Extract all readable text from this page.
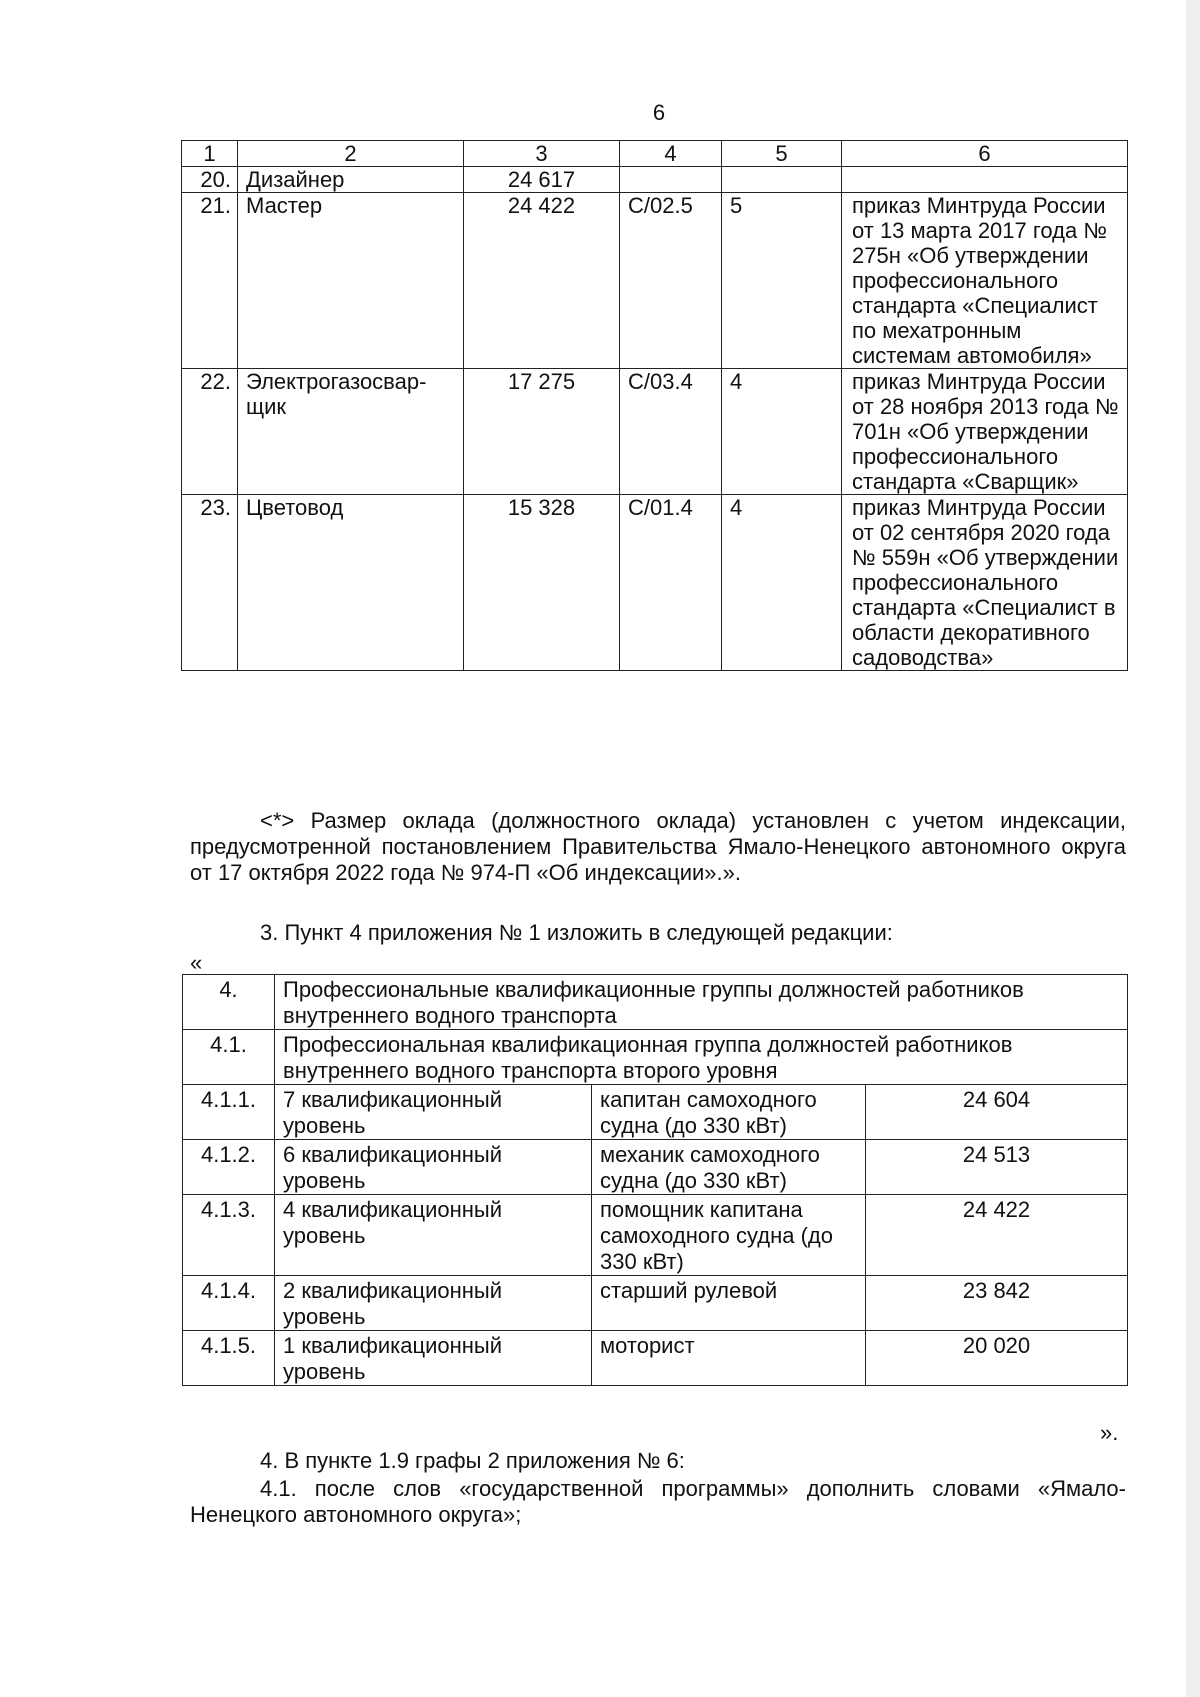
6
1	2	3	4	5	6
20.	Дизайнер	24 617			
21.	Мастер	24 422	С/02.5	5	приказ Минтруда России от 13 марта 2017 года № 275н «Об утверждении профессионального стандарта «Специалист по мехатронным системам автомобиля»
22.	Электрогазосвар-щик	17 275	С/03.4	4	приказ Минтруда России от 28 ноября 2013 года № 701н «Об утверждении профессионального стандарта «Сварщик»
23.	Цветовод	15 328	С/01.4	4	приказ Минтруда России от 02 сентября 2020 года № 559н «Об утверждении профессионального стандарта «Специалист в области декоративного садоводства»
<*> Размер оклада (должностного оклада) установлен с учетом индексации, предусмотренной постановлением Правительства Ямало-Ненецкого автономного округа от 17 октября 2022 года № 974-П «Об индексации».».
3. Пункт 4 приложения № 1 изложить в следующей редакции:
«
4.	Профессиональные квалификационные группы должностей работников внутреннего водного транспорта		
4.1.	Профессиональная квалификационная группа должностей работников внутреннего водного транспорта второго уровня		
4.1.1.	7 квалификационный уровень	капитан самоходного судна (до 330 кВт)	24 604
4.1.2.	6 квалификационный уровень	механик самоходного судна (до 330 кВт)	24 513
4.1.3.	4 квалификационный уровень	помощник капитана самоходного судна (до 330 кВт)	24 422
4.1.4.	2 квалификационный уровень	старший рулевой	23 842
4.1.5.	1 квалификационный уровень	моторист	20 020
».
4. В пункте 1.9 графы 2 приложения № 6:
4.1. после слов «государственной программы» дополнить словами «Ямало-Ненецкого автономного округа»;
